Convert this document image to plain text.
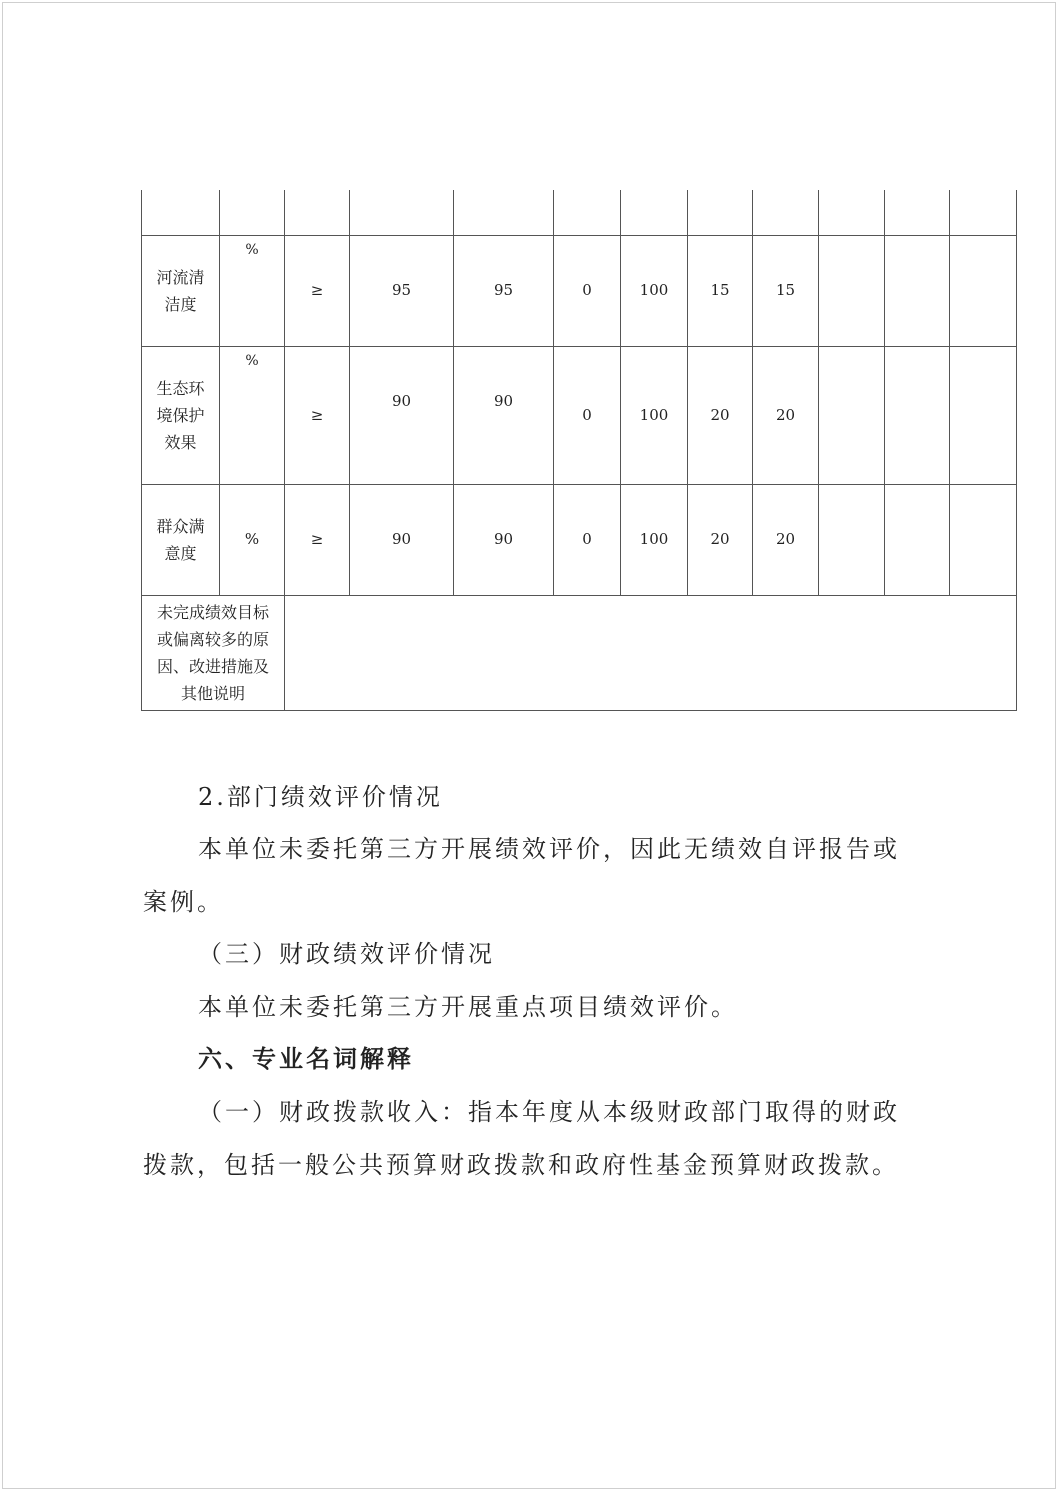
河流清
洁度	%	≥	95	95	0	100	15	15			

生态环
境保护
效果	%	≥	90	90	0	100	20	20			

群众满
意度	%	≥	90	90	0	100	20	20			

未完成绩效目标
或偏离较多的原
因、改进措施及
其他说明											

2.部门绩效评价情况
本单位未委托第三方开展绩效评价，因此无绩效自评报告或
案例。
（三）财政绩效评价情况
本单位未委托第三方开展重点项目绩效评价。
六、专业名词解释
（一）财政拨款收入：指本年度从本级财政部门取得的财政
拨款，包括一般公共预算财政拨款和政府性基金预算财政拨款。
